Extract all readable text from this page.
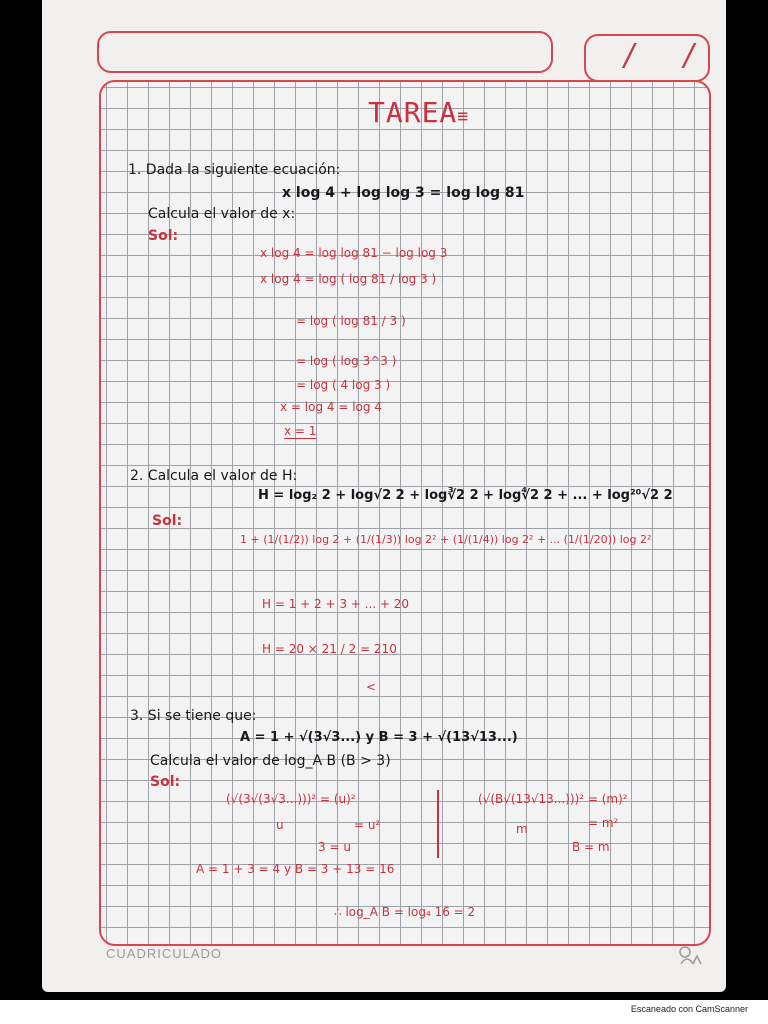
/ /
TAREA≡
1. Dada la siguiente ecuación:
x log 4 + log log 3 = log log 81
Calcula el valor de x:
Sol:
x log 4 = log log 81 − log log 3
x log 4 = log ( log 81 / log 3 )
= log ( log 81 / 3 )
= log ( log 3^3 )
= log ( 4 log 3 )
x = log 4 = log 4
x = 1
2. Calcula el valor de H:
H = log₂ 2 + log√2 2 + log∛2 2 + log∜2 2 + ... + log²⁰√2 2
Sol:
1 + (1/(1/2)) log 2 + (1/(1/3)) log 2² + (1/(1/4)) log 2² + ... (1/(1/20)) log 2²
H = 1 + 2 + 3 + ... + 20
H = 20 × 21 / 2 = 210
<
3. Si se tiene que:
A = 1 + √(3√3...) y B = 3 + √(13√13...)
Calcula el valor de log_A B (B > 3)
Sol:
(√(3√(3√3...)))² = (u)²
u	= u²
3 = u
(√(B√(13√13...)))² = (m)²
m	= m²
B = m
A = 1 + 3 = 4 y B = 3 + 13 = 16
∴ log_A B = log₄ 16 = 2
CUADRICULADO
Escaneado con CamScanner
